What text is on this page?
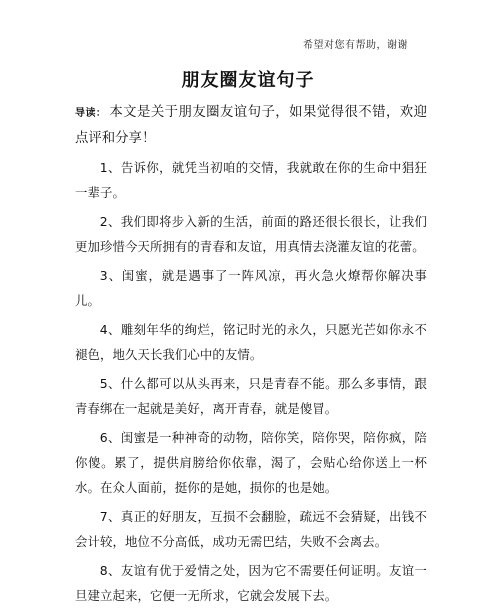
希望对您有帮助，谢谢
朋友圈友谊句子

导读： 本文是关于朋友圈友谊句子，如果觉得很不错，欢迎点评和分享！

1、告诉你，就凭当初咱的交情，我就敢在你的生命中猖狂一辈子。

2、我们即将步入新的生活，前面的路还很长很长，让我们更加珍惜今天所拥有的青春和友谊，用真情去浇灌友谊的花蕾。

3、闺蜜，就是遇事了一阵风凉，再火急火燎帮你解决事儿。

4、雕刻年华的绚烂，铭记时光的永久，只愿光芒如你永不褪色，地久天长我们心中的友情。

5、什么都可以从头再来，只是青春不能。那么多事情，跟青春绑在一起就是美好，离开青春，就是傻冒。

6、闺蜜是一种神奇的动物，陪你笑，陪你哭，陪你疯，陪你傻。累了，提供肩膀给你依靠，渴了，会贴心给你送上一杯水。在众人面前，挺你的是她，损你的也是她。

7、真正的好朋友，互损不会翻脸，疏远不会猜疑，出钱不会计较，地位不分高低，成功无需巴结，失败不会离去。

8、友谊有优于爱情之处，因为它不需要任何证明。友谊一旦建立起来，它便一无所求，它就会发展下去。
